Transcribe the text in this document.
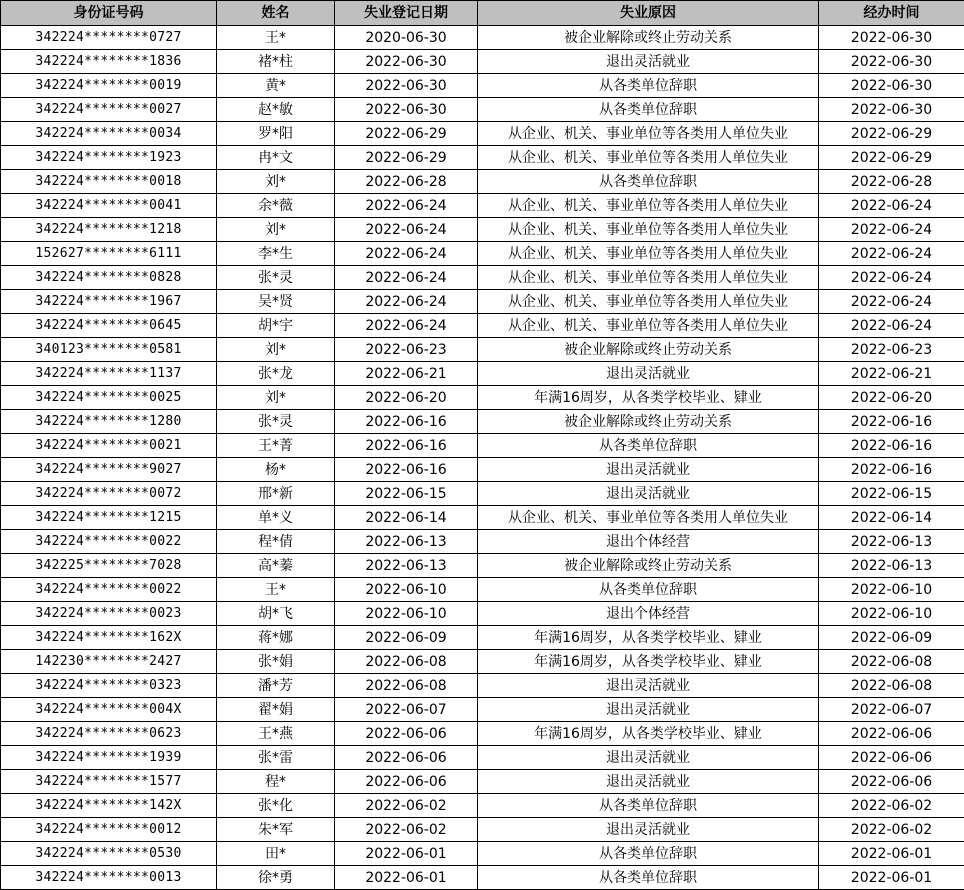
身份证号码	姓名	失业登记日期	失业原因	经办时间
342224********0727	王*	2020-06-30	被企业解除或终止劳动关系	2022-06-30
342224********1836	褚*柱	2022-06-30	退出灵活就业	2022-06-30
342224********0019	黄*	2022-06-30	从各类单位辞职	2022-06-30
342224********0027	赵*敏	2022-06-30	从各类单位辞职	2022-06-30
342224********0034	罗*阳	2022-06-29	从企业、机关、事业单位等各类用人单位失业	2022-06-29
342224********1923	冉*文	2022-06-29	从企业、机关、事业单位等各类用人单位失业	2022-06-29
342224********0018	刘*	2022-06-28	从各类单位辞职	2022-06-28
342224********0041	余*薇	2022-06-24	从企业、机关、事业单位等各类用人单位失业	2022-06-24
342224********1218	刘*	2022-06-24	从企业、机关、事业单位等各类用人单位失业	2022-06-24
152627********6111	李*生	2022-06-24	从企业、机关、事业单位等各类用人单位失业	2022-06-24
342224********0828	张*灵	2022-06-24	从企业、机关、事业单位等各类用人单位失业	2022-06-24
342224********1967	吴*贤	2022-06-24	从企业、机关、事业单位等各类用人单位失业	2022-06-24
342224********0645	胡*宇	2022-06-24	从企业、机关、事业单位等各类用人单位失业	2022-06-24
340123********0581	刘*	2022-06-23	被企业解除或终止劳动关系	2022-06-23
342224********1137	张*龙	2022-06-21	退出灵活就业	2022-06-21
342224********0025	刘*	2022-06-20	年满16周岁，从各类学校毕业、肄业	2022-06-20
342224********1280	张*灵	2022-06-16	被企业解除或终止劳动关系	2022-06-16
342224********0021	王*菁	2022-06-16	从各类单位辞职	2022-06-16
342224********9027	杨*	2022-06-16	退出灵活就业	2022-06-16
342224********0072	邢*新	2022-06-15	退出灵活就业	2022-06-15
342224********1215	单*义	2022-06-14	从企业、机关、事业单位等各类用人单位失业	2022-06-14
342224********0022	程*倩	2022-06-13	退出个体经营	2022-06-13
342225********7028	高*蓁	2022-06-13	被企业解除或终止劳动关系	2022-06-13
342224********0022	王*	2022-06-10	从各类单位辞职	2022-06-10
342224********0023	胡*飞	2022-06-10	退出个体经营	2022-06-10
342224********162X	蒋*娜	2022-06-09	年满16周岁，从各类学校毕业、肄业	2022-06-09
142230********2427	张*娟	2022-06-08	年满16周岁，从各类学校毕业、肄业	2022-06-08
342224********0323	潘*芳	2022-06-08	退出灵活就业	2022-06-08
342224********004X	翟*娟	2022-06-07	退出灵活就业	2022-06-07
342224********0623	王*燕	2022-06-06	年满16周岁，从各类学校毕业、肄业	2022-06-06
342224********1939	张*雷	2022-06-06	退出灵活就业	2022-06-06
342224********1577	程*	2022-06-06	退出灵活就业	2022-06-06
342224********142X	张*化	2022-06-02	从各类单位辞职	2022-06-02
342224********0012	朱*军	2022-06-02	退出灵活就业	2022-06-02
342224********0530	田*	2022-06-01	从各类单位辞职	2022-06-01
342224********0013	徐*勇	2022-06-01	从各类单位辞职	2022-06-01
